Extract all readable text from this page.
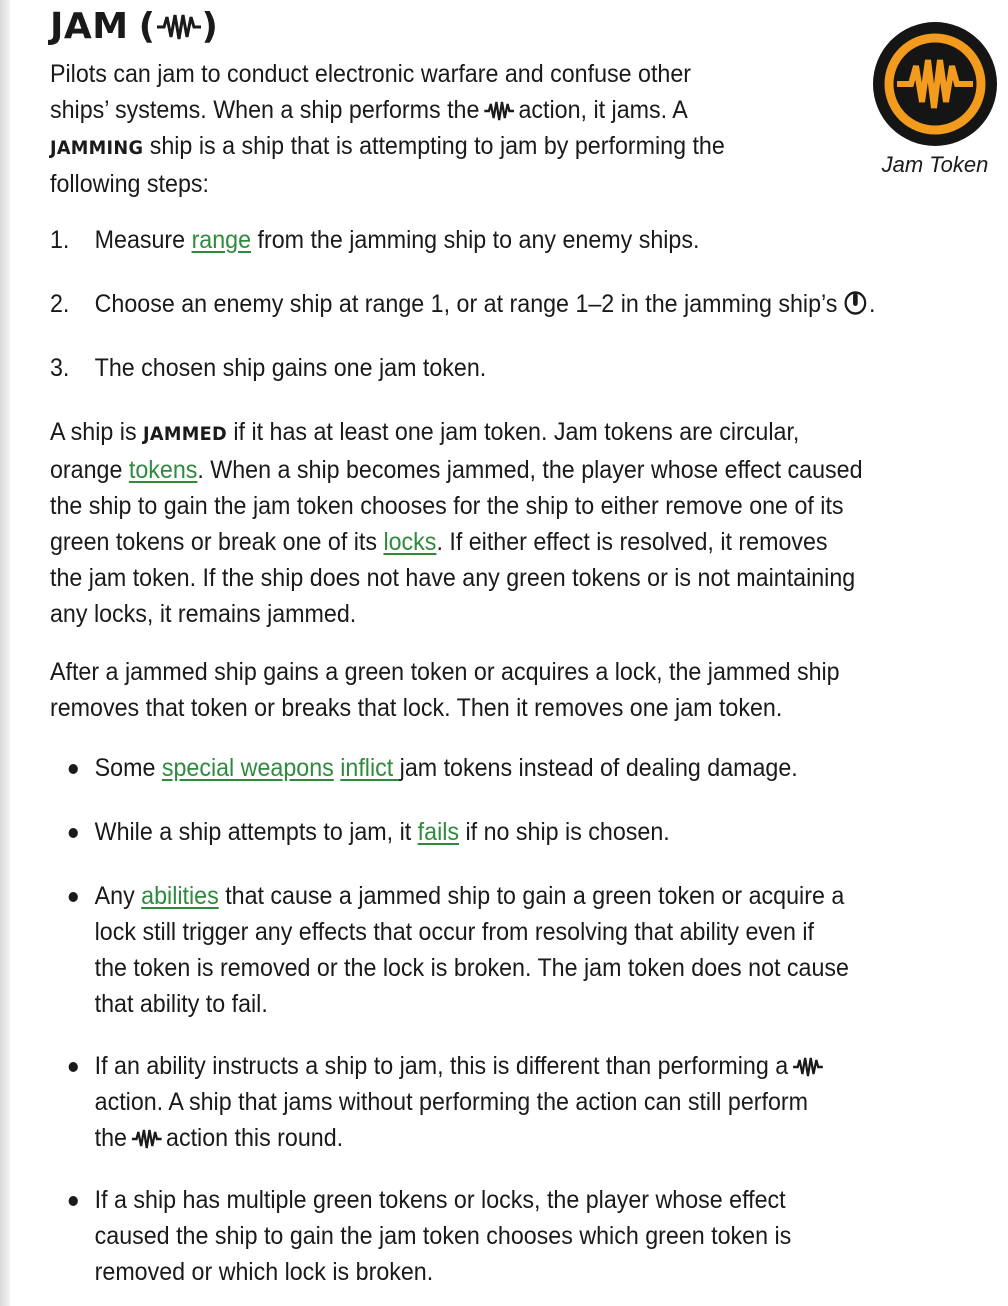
JAM ( )
Jam Token

Pilots can jam to conduct electronic warfare and confuse other
ships’ systems. When a ship performs the action, it jams. A
JAMMING ship is a ship that is attempting to jam by performing the
following steps:

1. Measure range from the jamming ship to any enemy ships.
2. Choose an enemy ship at range 1, or at range 1–2 in the jamming ship’s .
3. The chosen ship gains one jam token.

A ship is JAMMED if it has at least one jam token. Jam tokens are circular,
orange tokens. When a ship becomes jammed, the player whose effect caused
the ship to gain the jam token chooses for the ship to either remove one of its
green tokens or break one of its locks. If either effect is resolved, it removes
the jam token. If the ship does not have any green tokens or is not maintaining
any locks, it remains jammed.

After a jammed ship gains a green token or acquires a lock, the jammed ship
removes that token or breaks that lock. Then it removes one jam token.

Some special weapons inflict jam tokens instead of dealing damage.
While a ship attempts to jam, it fails if no ship is chosen.
Any abilities that cause a jammed ship to gain a green token or acquire a
lock still trigger any effects that occur from resolving that ability even if
the token is removed or the lock is broken. The jam token does not cause
that ability to fail.
If an ability instructs a ship to jam, this is different than performing a
action. A ship that jams without performing the action can still perform
the action this round.
If a ship has multiple green tokens or locks, the player whose effect
caused the ship to gain the jam token chooses which green token is
removed or which lock is broken.
